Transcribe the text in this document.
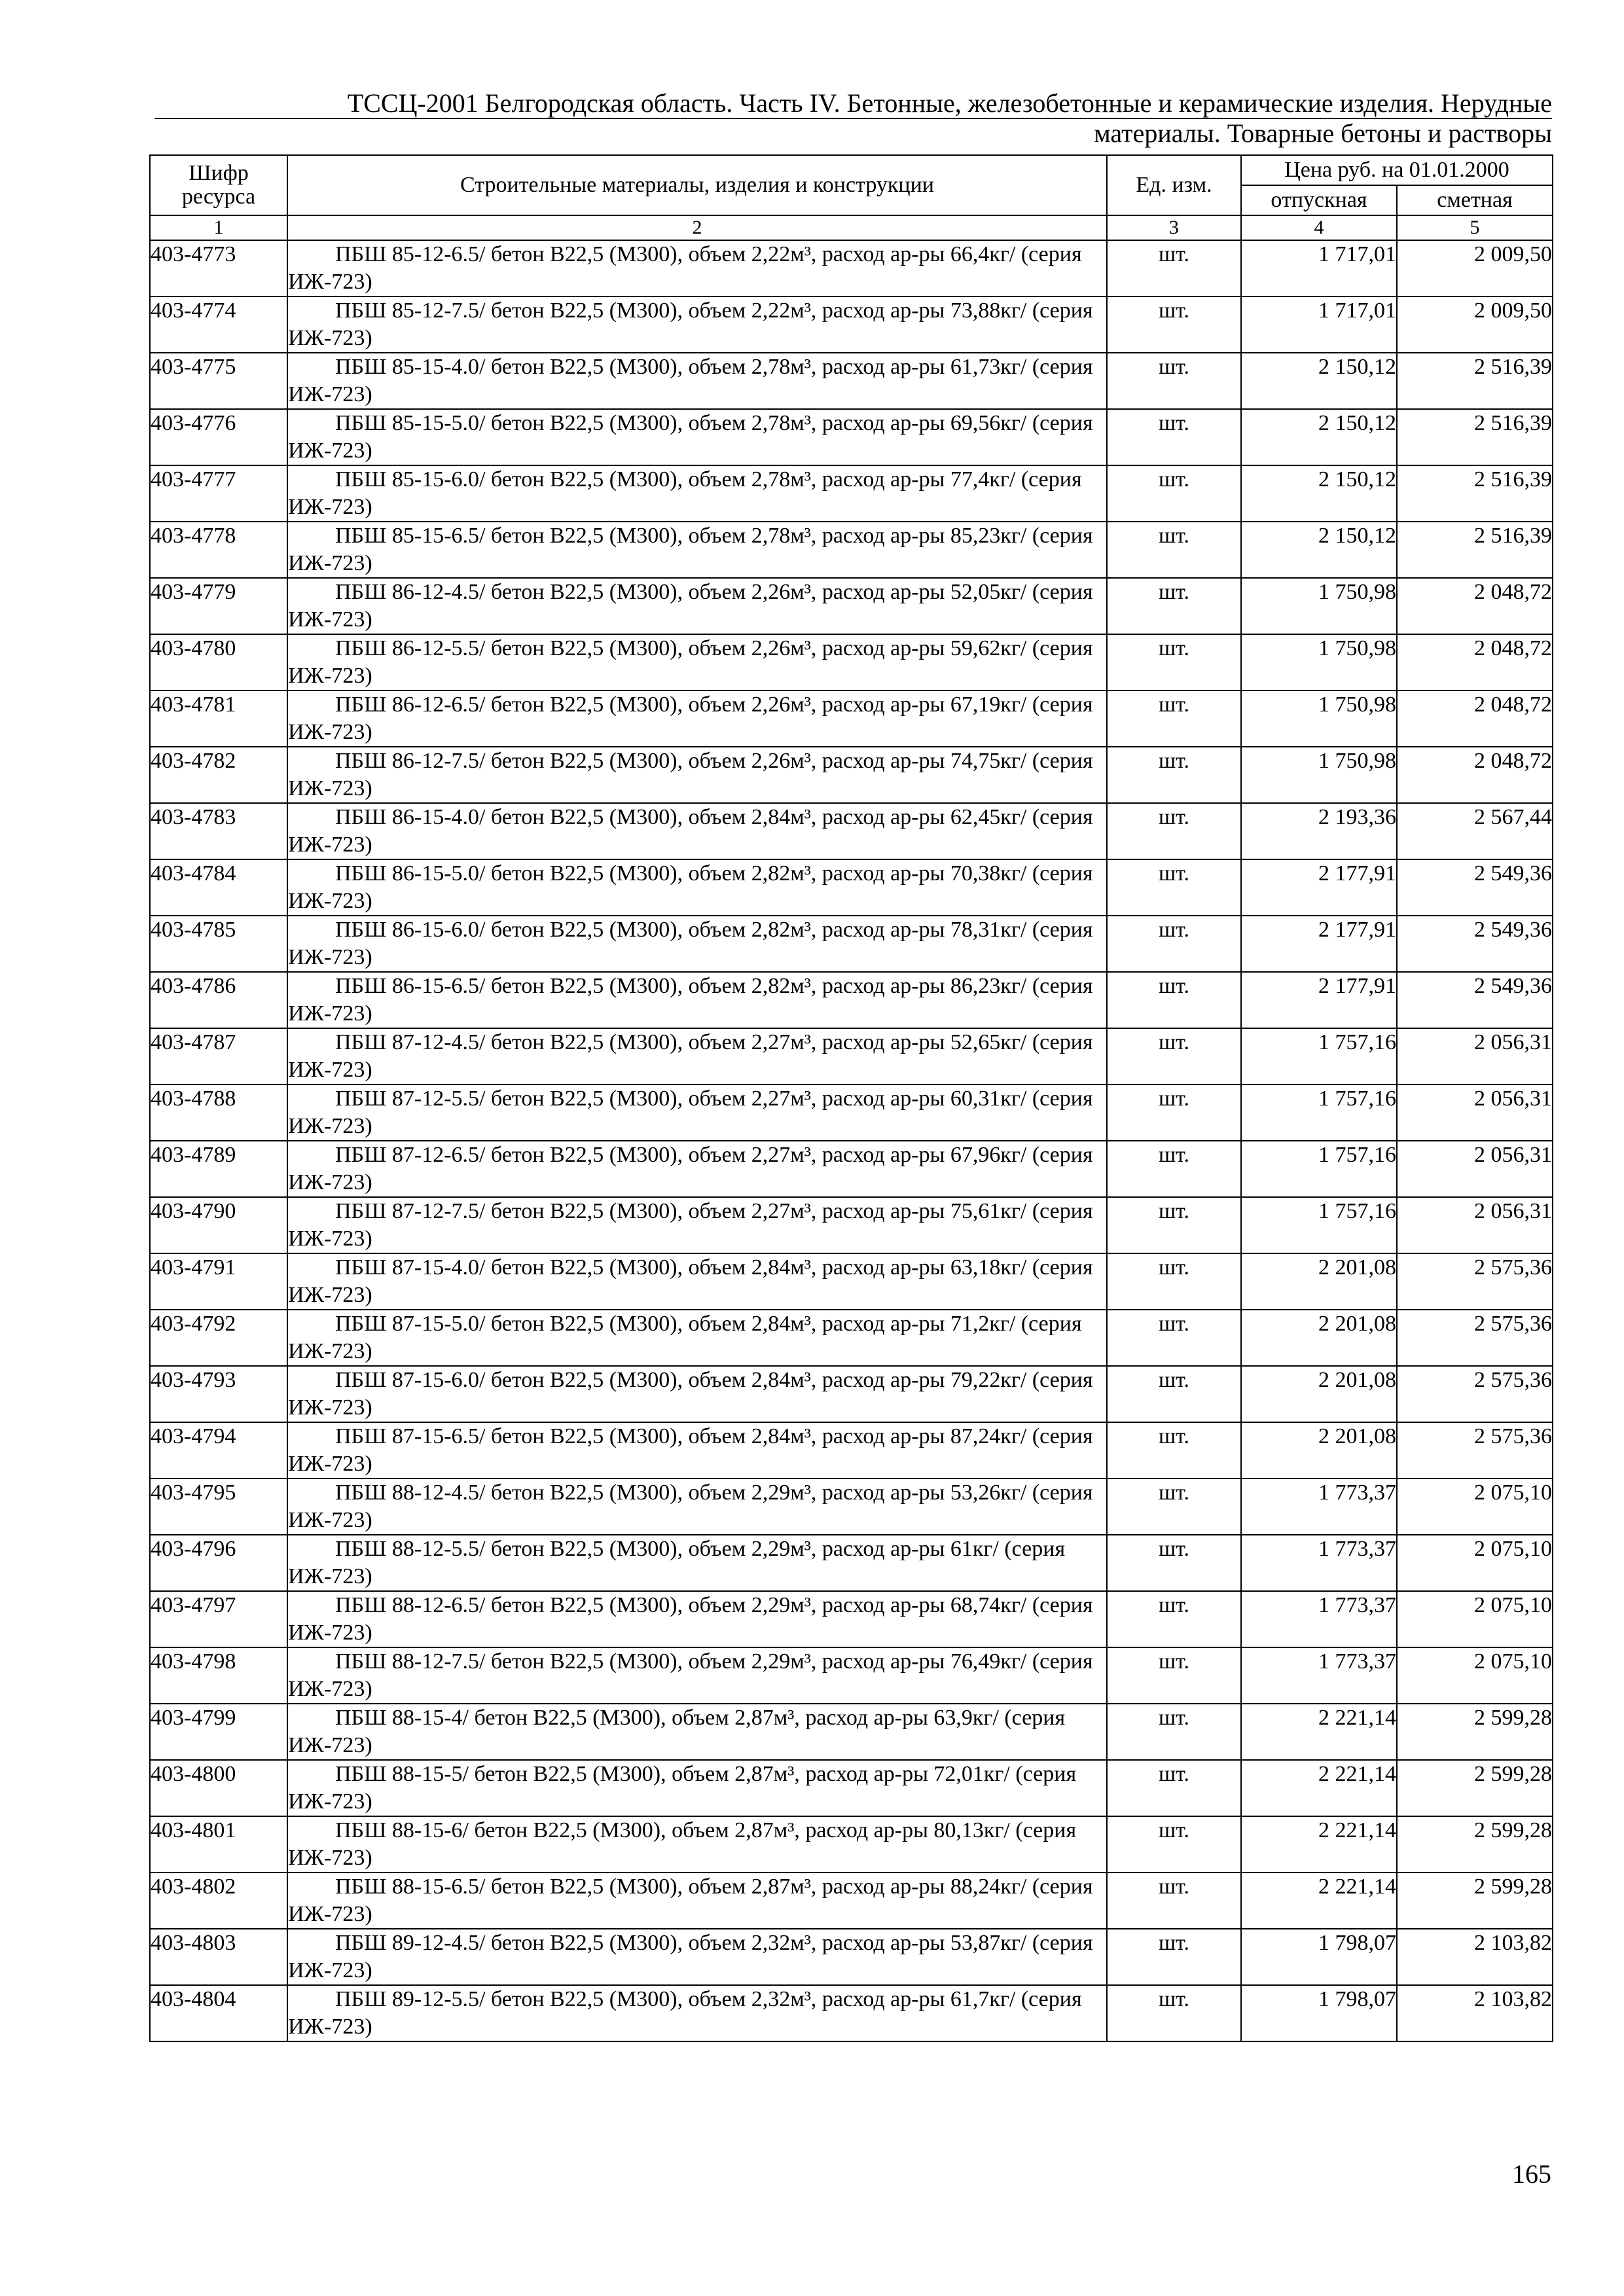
ТССЦ-2001 Белгородская область. Часть IV. Бетонные, железобетонные и керамические изделия. Нерудные
материалы. Товарные бетоны и растворы
Шифр ресурса	Строительные материалы, изделия и конструкции	Ед. изм.	Цена руб. на 01.01.2000	
			отпускная	сметная
1	2	3	4	5
403-4773	ПБШ 85-12-6.5/ бетон В22,5 (М300), объем 2,22м³, расход ар-ры 66,4кг/ (серия ИЖ-723)	шт.	1 717,01	2 009,50
403-4774	ПБШ 85-12-7.5/ бетон В22,5 (М300), объем 2,22м³, расход ар-ры 73,88кг/ (серия ИЖ-723)	шт.	1 717,01	2 009,50
403-4775	ПБШ 85-15-4.0/ бетон В22,5 (М300), объем 2,78м³, расход ар-ры 61,73кг/ (серия ИЖ-723)	шт.	2 150,12	2 516,39
403-4776	ПБШ 85-15-5.0/ бетон В22,5 (М300), объем 2,78м³, расход ар-ры 69,56кг/ (серия ИЖ-723)	шт.	2 150,12	2 516,39
403-4777	ПБШ 85-15-6.0/ бетон В22,5 (М300), объем 2,78м³, расход ар-ры 77,4кг/ (серия ИЖ-723)	шт.	2 150,12	2 516,39
403-4778	ПБШ 85-15-6.5/ бетон В22,5 (М300), объем 2,78м³, расход ар-ры 85,23кг/ (серия ИЖ-723)	шт.	2 150,12	2 516,39
403-4779	ПБШ 86-12-4.5/ бетон В22,5 (М300), объем 2,26м³, расход ар-ры 52,05кг/ (серия ИЖ-723)	шт.	1 750,98	2 048,72
403-4780	ПБШ 86-12-5.5/ бетон В22,5 (М300), объем 2,26м³, расход ар-ры 59,62кг/ (серия ИЖ-723)	шт.	1 750,98	2 048,72
403-4781	ПБШ 86-12-6.5/ бетон В22,5 (М300), объем 2,26м³, расход ар-ры 67,19кг/ (серия ИЖ-723)	шт.	1 750,98	2 048,72
403-4782	ПБШ 86-12-7.5/ бетон В22,5 (М300), объем 2,26м³, расход ар-ры 74,75кг/ (серия ИЖ-723)	шт.	1 750,98	2 048,72
403-4783	ПБШ 86-15-4.0/ бетон В22,5 (М300), объем 2,84м³, расход ар-ры 62,45кг/ (серия ИЖ-723)	шт.	2 193,36	2 567,44
403-4784	ПБШ 86-15-5.0/ бетон В22,5 (М300), объем 2,82м³, расход ар-ры 70,38кг/ (серия ИЖ-723)	шт.	2 177,91	2 549,36
403-4785	ПБШ 86-15-6.0/ бетон В22,5 (М300), объем 2,82м³, расход ар-ры 78,31кг/ (серия ИЖ-723)	шт.	2 177,91	2 549,36
403-4786	ПБШ 86-15-6.5/ бетон В22,5 (М300), объем 2,82м³, расход ар-ры 86,23кг/ (серия ИЖ-723)	шт.	2 177,91	2 549,36
403-4787	ПБШ 87-12-4.5/ бетон В22,5 (М300), объем 2,27м³, расход ар-ры 52,65кг/ (серия ИЖ-723)	шт.	1 757,16	2 056,31
403-4788	ПБШ 87-12-5.5/ бетон В22,5 (М300), объем 2,27м³, расход ар-ры 60,31кг/ (серия ИЖ-723)	шт.	1 757,16	2 056,31
403-4789	ПБШ 87-12-6.5/ бетон В22,5 (М300), объем 2,27м³, расход ар-ры 67,96кг/ (серия ИЖ-723)	шт.	1 757,16	2 056,31
403-4790	ПБШ 87-12-7.5/ бетон В22,5 (М300), объем 2,27м³, расход ар-ры 75,61кг/ (серия ИЖ-723)	шт.	1 757,16	2 056,31
403-4791	ПБШ 87-15-4.0/ бетон В22,5 (М300), объем 2,84м³, расход ар-ры 63,18кг/ (серия ИЖ-723)	шт.	2 201,08	2 575,36
403-4792	ПБШ 87-15-5.0/ бетон В22,5 (М300), объем 2,84м³, расход ар-ры 71,2кг/ (серия ИЖ-723)	шт.	2 201,08	2 575,36
403-4793	ПБШ 87-15-6.0/ бетон В22,5 (М300), объем 2,84м³, расход ар-ры 79,22кг/ (серия ИЖ-723)	шт.	2 201,08	2 575,36
403-4794	ПБШ 87-15-6.5/ бетон В22,5 (М300), объем 2,84м³, расход ар-ры 87,24кг/ (серия ИЖ-723)	шт.	2 201,08	2 575,36
403-4795	ПБШ 88-12-4.5/ бетон В22,5 (М300), объем 2,29м³, расход ар-ры 53,26кг/ (серия ИЖ-723)	шт.	1 773,37	2 075,10
403-4796	ПБШ 88-12-5.5/ бетон В22,5 (М300), объем 2,29м³, расход ар-ры 61кг/ (серия ИЖ-723)	шт.	1 773,37	2 075,10
403-4797	ПБШ 88-12-6.5/ бетон В22,5 (М300), объем 2,29м³, расход ар-ры 68,74кг/ (серия ИЖ-723)	шт.	1 773,37	2 075,10
403-4798	ПБШ 88-12-7.5/ бетон В22,5 (М300), объем 2,29м³, расход ар-ры 76,49кг/ (серия ИЖ-723)	шт.	1 773,37	2 075,10
403-4799	ПБШ 88-15-4/ бетон В22,5 (М300), объем 2,87м³, расход ар-ры 63,9кг/ (серия ИЖ-723)	шт.	2 221,14	2 599,28
403-4800	ПБШ 88-15-5/ бетон В22,5 (М300), объем 2,87м³, расход ар-ры 72,01кг/ (серия ИЖ-723)	шт.	2 221,14	2 599,28
403-4801	ПБШ 88-15-6/ бетон В22,5 (М300), объем 2,87м³, расход ар-ры 80,13кг/ (серия ИЖ-723)	шт.	2 221,14	2 599,28
403-4802	ПБШ 88-15-6.5/ бетон В22,5 (М300), объем 2,87м³, расход ар-ры 88,24кг/ (серия ИЖ-723)	шт.	2 221,14	2 599,28
403-4803	ПБШ 89-12-4.5/ бетон В22,5 (М300), объем 2,32м³, расход ар-ры 53,87кг/ (серия ИЖ-723)	шт.	1 798,07	2 103,82
403-4804	ПБШ 89-12-5.5/ бетон В22,5 (М300), объем 2,32м³, расход ар-ры 61,7кг/ (серия ИЖ-723)	шт.	1 798,07	2 103,82
165
